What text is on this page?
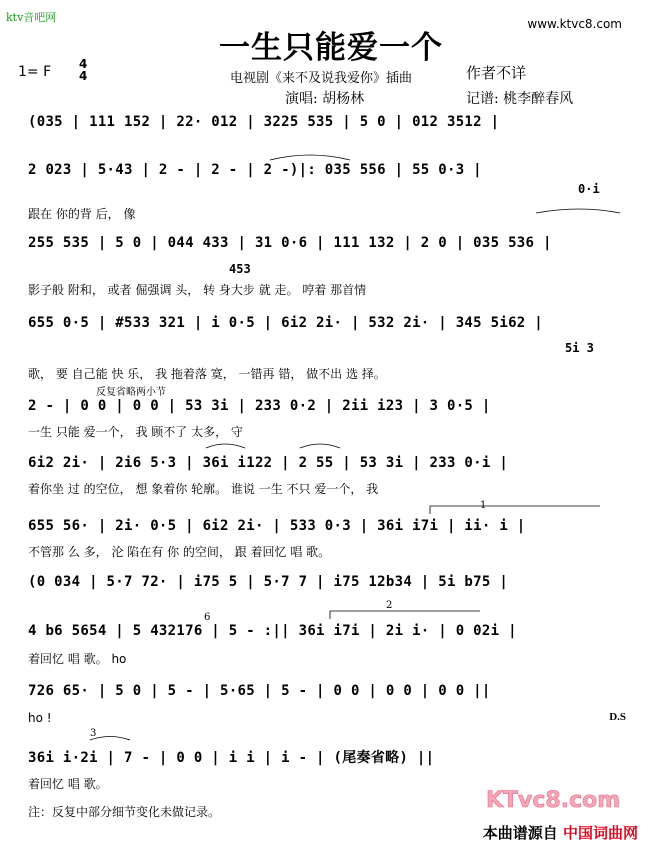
ktv音吧网	www.ktvc8.com
一生只能爱一个
1= F 4
4	电视剧《来不及说我爱你》插曲	作者不详
演唱: 胡杨林	记谱: 桃李醉春风
(035 | 111 152 | 22· 012 | 3225 535 | 5 0 | 012 3512 |
2 023 | 5·43 | 2 - | 2 - | 2 -)|: 035 556 | 55 0·3 |
0·i
跟在 你的背 后， 像
255 535 | 5 0 | 044 433 | 31 0·6 | 111 132 | 2 0 | 035 536 |
453
影子般 附和， 或者 倔强调 头， 转 身大步 就 走。 哼着 那首情
655 0·5 | #533 321 | i 0·5 | 6i2 2i· | 532 2i· | 345 5i62 |
5i 3
歌， 要 自己能 快 乐， 我 拖着落 寞， 一错再 错， 做不出 选 择。
反复省略两小节
2 - | 0 0 | 0 0 | 53 3i | 233 0·2 | 2ii i23 | 3 0·5 |
一生 只能 爱一个， 我 顾不了 太多， 守
6i2 2i· | 2i6 5·3 | 36i i122 | 2 55 | 53 3i | 233 0·i |
着你坐 过 的空位， 想 象着你 轮廓。 谁说 一生 不只 爱一个， 我
1
655 56· | 2i· 0·5 | 6i2 2i· | 533 0·3 | 36i i7i | ii· i |
不管那 么 多， 沦 陷在有 你 的空间， 跟 着回忆 唱 歌。
(0 034 | 5·7 72· | i75 5 | 5·7 7 | i75 12b34 | 5i b75 |
2
6
4 b6 5654 | 5 432176 | 5 - :|| 36i i7i | 2i i· | 0 02i |
着回忆 唱 歌。 ho
726 65· | 5 0 | 5 - | 5·65 | 5 - | 0 0 | 0 0 | 0 0 ||
ho !	D.S
3
36i i·2i | 7 - | 0 0 | i i | i - | (尾奏省略) ||
着回忆 唱 歌。
注：反复中部分细节变化未做记录。	KTvc8.com
本曲谱源自 中国词曲网
